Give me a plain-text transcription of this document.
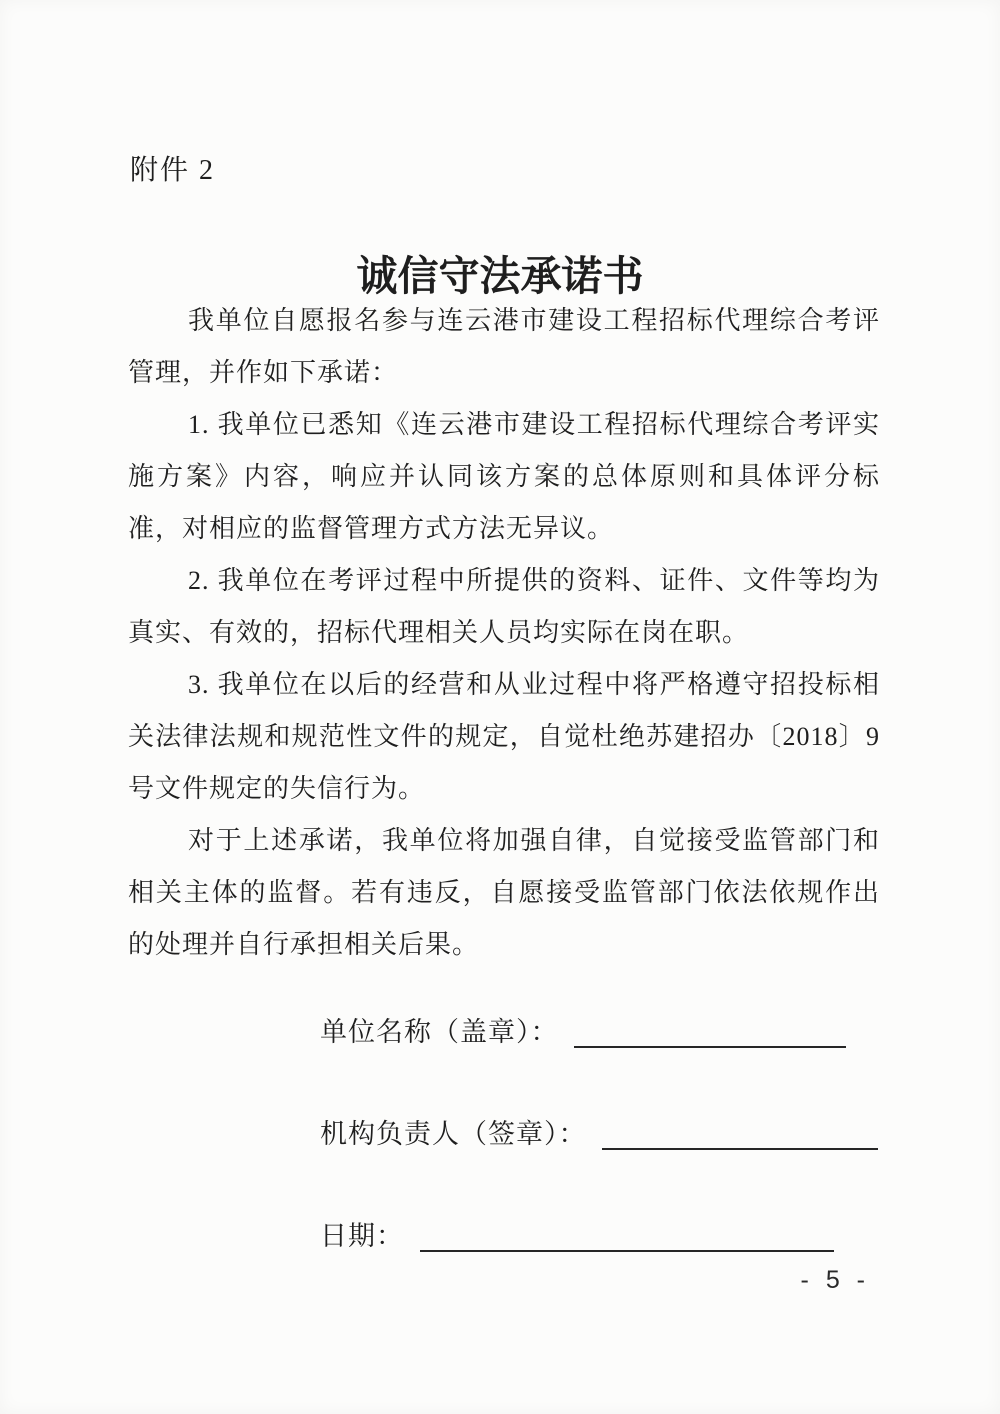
附件 2
诚信守法承诺书

我单位自愿报名参与连云港市建设工程招标代理综合考评管理，并作如下承诺：

1. 我单位已悉知《连云港市建设工程招标代理综合考评实施方案》内容，响应并认同该方案的总体原则和具体评分标准，对相应的监督管理方式方法无异议。

2. 我单位在考评过程中所提供的资料、证件、文件等均为真实、有效的，招标代理相关人员均实际在岗在职。

3. 我单位在以后的经营和从业过程中将严格遵守招投标相关法律法规和规范性文件的规定，自觉杜绝苏建招办〔2018〕9号文件规定的失信行为。

对于上述承诺，我单位将加强自律，自觉接受监管部门和相关主体的监督。若有违反，自愿接受监管部门依法依规作出的处理并自行承担相关后果。

单位名称（盖章）：
机构负责人（签章）：
日期：
- 5 -
